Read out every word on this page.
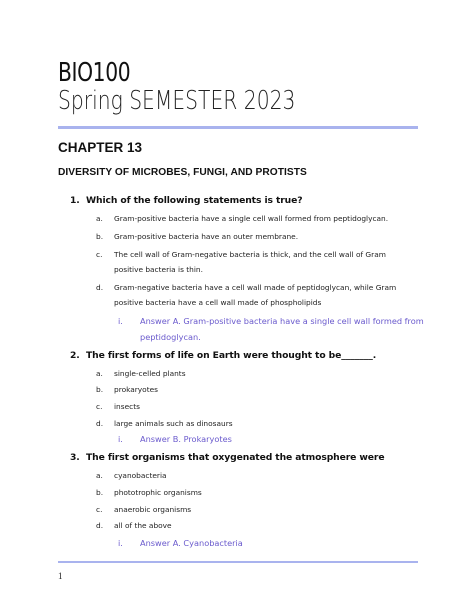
BIO100
Spring SEMESTER 2023
CHAPTER 13
DIVERSITY OF MICROBES, FUNGI, AND PROTISTS
1. Which of the following statements is true?
a. Gram-positive bacteria have a single cell wall formed from peptidoglycan.
b. Gram-positive bacteria have an outer membrane.
c. The cell wall of Gram-negative bacteria is thick, and the cell wall of Gram
positive bacteria is thin.
d. Gram-negative bacteria have a cell wall made of peptidoglycan, while Gram
positive bacteria have a cell wall made of phospholipids
i. Answer A. Gram-positive bacteria have a single cell wall formed from
peptidoglycan.
2. The first forms of life on Earth were thought to be_______.
a. single-celled plants
b. prokaryotes
c. insects
d. large animals such as dinosaurs
i. Answer B. Prokaryotes
3. The first organisms that oxygenated the atmosphere were
a. cyanobacteria
b. phototrophic organisms
c. anaerobic organisms
d. all of the above
i. Answer A. Cyanobacteria
1
